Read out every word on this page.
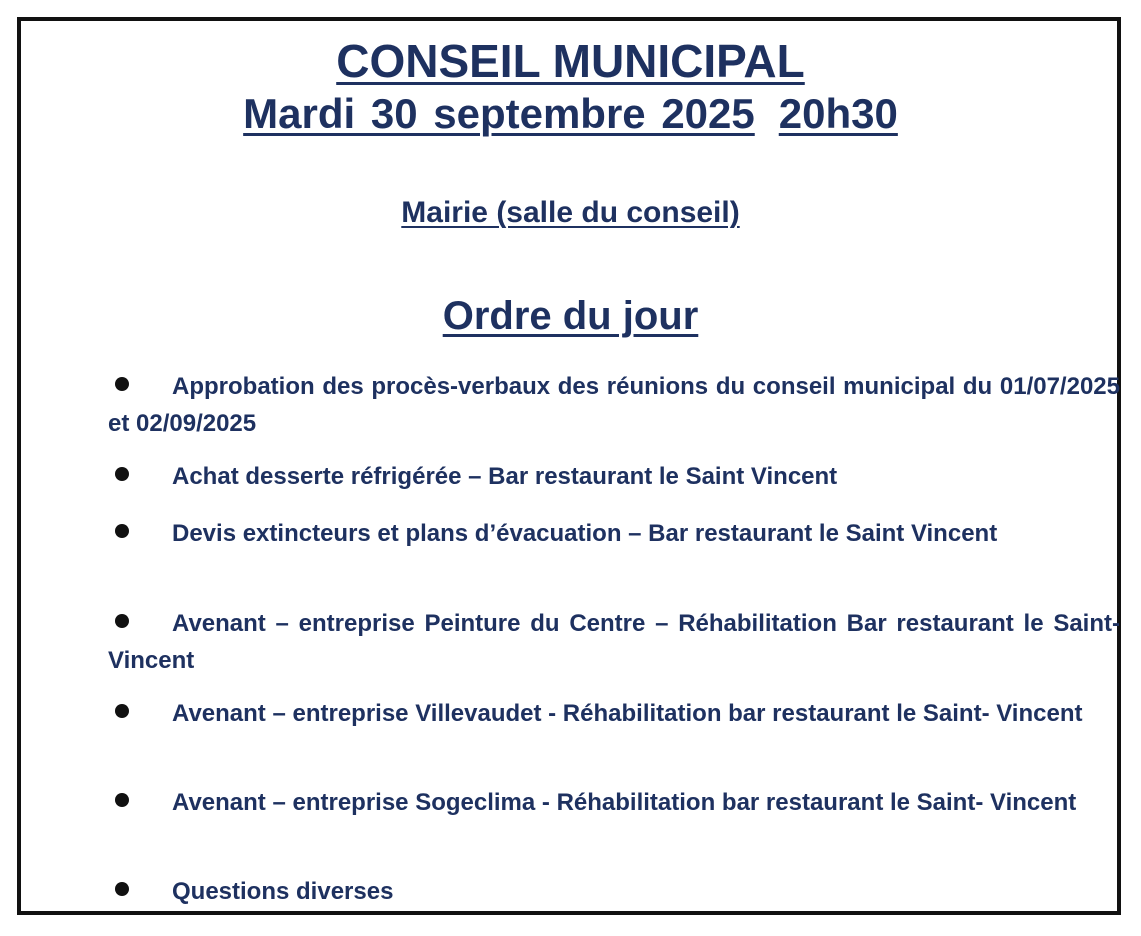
CONSEIL MUNICIPAL
Mardi 30 septembre 2025 20h30
Mairie (salle du conseil)
Ordre du jour
Approbation des procès-verbaux des réunions du conseil municipal du 01/07/2025 et 02/09/2025
Achat desserte réfrigérée – Bar restaurant le Saint Vincent
Devis extincteurs et plans d’évacuation – Bar restaurant le Saint Vincent
Avenant – entreprise Peinture du Centre – Réhabilitation Bar restaurant le Saint- Vincent
Avenant – entreprise Villevaudet - Réhabilitation bar restaurant le Saint- Vincent
Avenant – entreprise Sogeclima - Réhabilitation bar restaurant le Saint- Vincent
Questions diverses
